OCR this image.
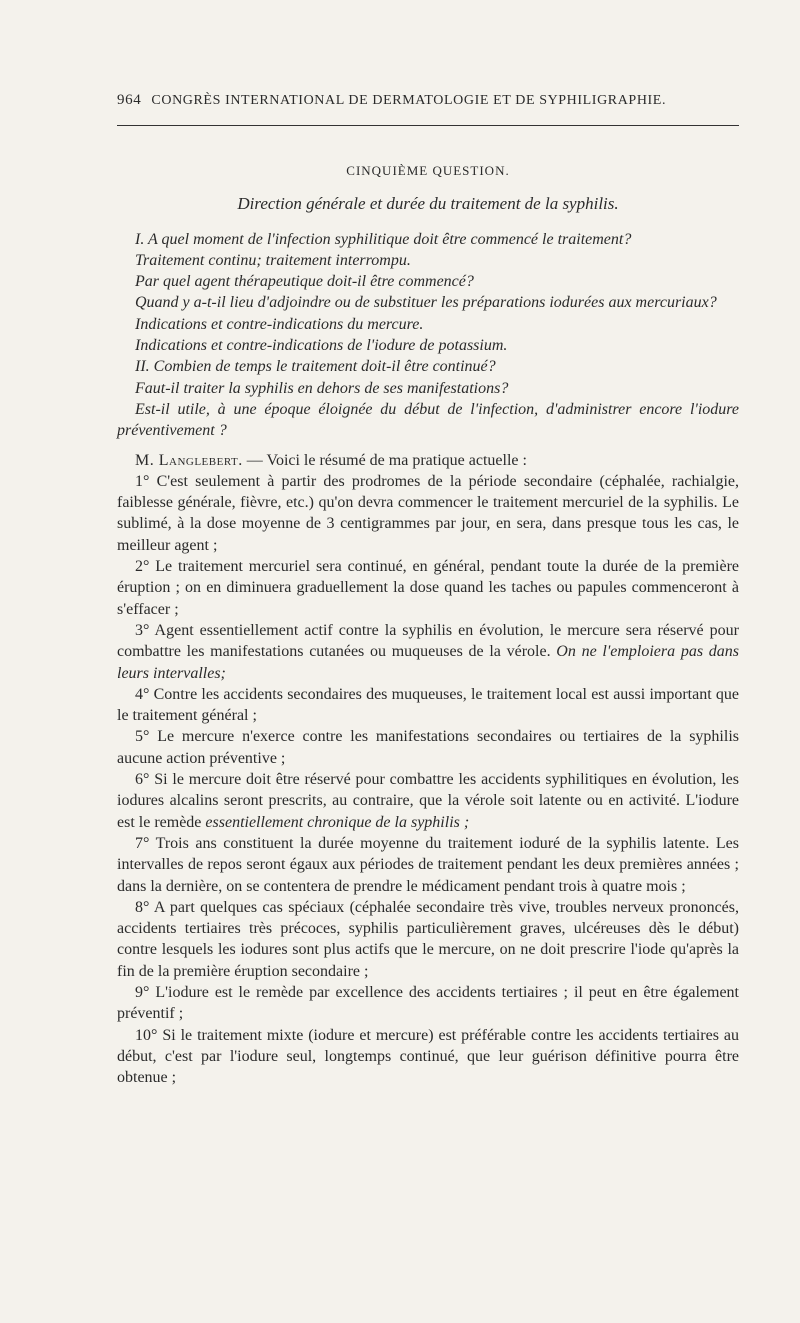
964 CONGRÈS INTERNATIONAL DE DERMATOLOGIE ET DE SYPHILIGRAPHIE.

CINQUIÈME QUESTION.

Direction générale et durée du traitement de la syphilis.

I. A quel moment de l'infection syphilitique doit être commencé le traitement?

Traitement continu; traitement interrompu.

Par quel agent thérapeutique doit-il être commencé?

Quand y a-t-il lieu d'adjoindre ou de substituer les préparations iodurées aux mercuriaux?

Indications et contre-indications du mercure.

Indications et contre-indications de l'iodure de potassium.

II. Combien de temps le traitement doit-il être continué?

Faut-il traiter la syphilis en dehors de ses manifestations?

Est-il utile, à une époque éloignée du début de l'infection, d'administrer encore l'iodure préventivement ?

M. Langlebert. — Voici le résumé de ma pratique actuelle :

1° C'est seulement à partir des prodromes de la période secondaire (céphalée, rachialgie, faiblesse générale, fièvre, etc.) qu'on devra commencer le traitement mercuriel de la syphilis. Le sublimé, à la dose moyenne de 3 centigrammes par jour, en sera, dans presque tous les cas, le meilleur agent ;

2° Le traitement mercuriel sera continué, en général, pendant toute la durée de la première éruption ; on en diminuera graduellement la dose quand les taches ou papules commenceront à s'effacer ;

3° Agent essentiellement actif contre la syphilis en évolution, le mercure sera réservé pour combattre les manifestations cutanées ou muqueuses de la vérole. On ne l'emploiera pas dans leurs intervalles;

4° Contre les accidents secondaires des muqueuses, le traitement local est aussi important que le traitement général ;

5° Le mercure n'exerce contre les manifestations secondaires ou tertiaires de la syphilis aucune action préventive ;

6° Si le mercure doit être réservé pour combattre les accidents syphilitiques en évolution, les iodures alcalins seront prescrits, au contraire, que la vérole soit latente ou en activité. L'iodure est le remède essentiellement chronique de la syphilis ;

7° Trois ans constituent la durée moyenne du traitement ioduré de la syphilis latente. Les intervalles de repos seront égaux aux périodes de traitement pendant les deux premières années ; dans la dernière, on se contentera de prendre le médicament pendant trois à quatre mois ;

8° A part quelques cas spéciaux (céphalée secondaire très vive, troubles nerveux prononcés, accidents tertiaires très précoces, syphilis particulièrement graves, ulcéreuses dès le début) contre lesquels les iodures sont plus actifs que le mercure, on ne doit prescrire l'iode qu'après la fin de la première éruption secondaire ;

9° L'iodure est le remède par excellence des accidents tertiaires ; il peut en être également préventif ;

10° Si le traitement mixte (iodure et mercure) est préférable contre les accidents tertiaires au début, c'est par l'iodure seul, longtemps continué, que leur guérison définitive pourra être obtenue ;
